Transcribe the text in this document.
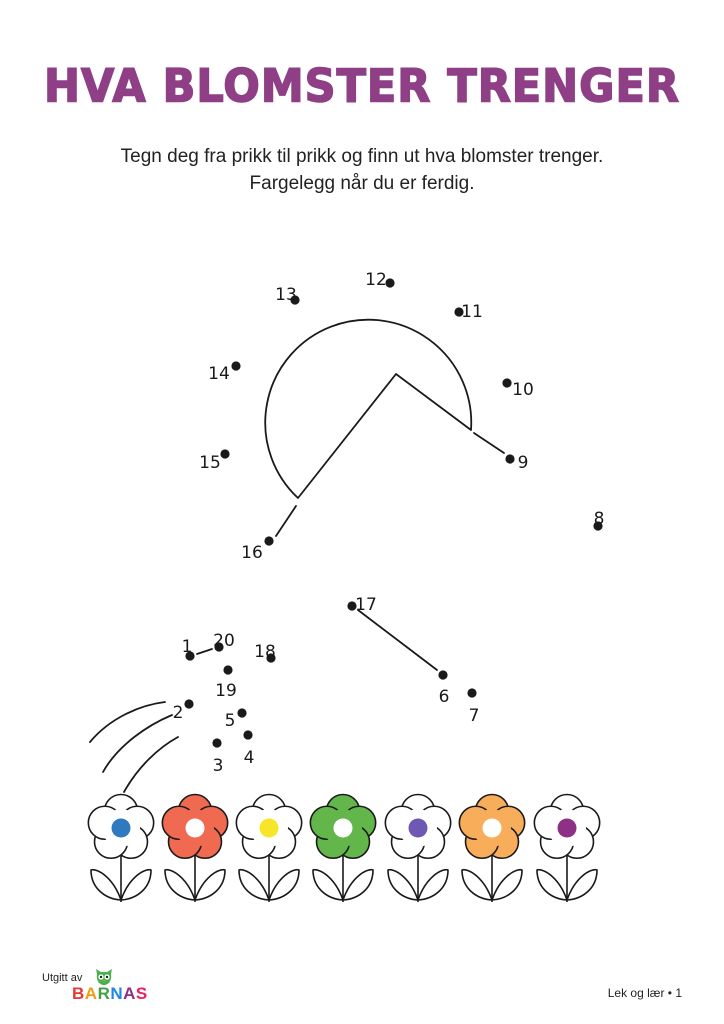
HVA BLOMSTER TRENGER
Tegn deg fra prikk til prikk og finn ut hva blomster trenger.
Fargelegg når du er ferdig.
1
2
3 4
5
6
7
8
9
10
11
12
13
14
15
16
17
18
19
20
Utgitt av
BARNAS	Lek og lær • 1
